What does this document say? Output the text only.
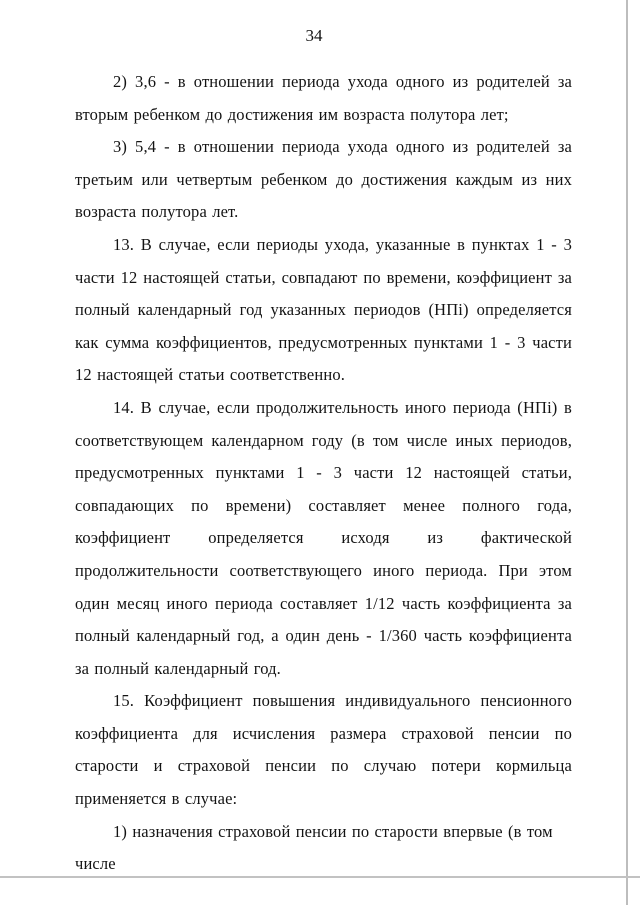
34

2) 3,6 - в отношении периода ухода одного из родителей за вторым ребенком до достижения им возраста полутора лет;

3) 5,4 - в отношении периода ухода одного из родителей за третьим или четвертым ребенком до достижения каждым из них возраста полутора лет.

13. В случае, если периоды ухода, указанные в пунктах 1 - 3 части 12 настоящей статьи, совпадают по времени, коэффициент за полный календарный год указанных периодов (НПi) определяется как сумма коэффициентов, предусмотренных пунктами 1 - 3 части 12 настоящей статьи соответственно.

14. В случае, если продолжительность иного периода (НПi) в соответствующем календарном году (в том числе иных периодов, предусмотренных пунктами 1 - 3 части 12 настоящей статьи, совпадающих по времени) составляет менее полного года, коэффициент определяется исходя из фактической продолжительности соответствующего иного периода. При этом один месяц иного периода составляет 1/12 часть коэффициента за полный календарный год, а один день - 1/360 часть коэффициента за полный календарный год.

15. Коэффициент повышения индивидуального пенсионного коэффициента для исчисления размера страховой пенсии по старости и страховой пенсии по случаю потери кормильца применяется в случае:

1) назначения страховой пенсии по старости впервые (в том числе
